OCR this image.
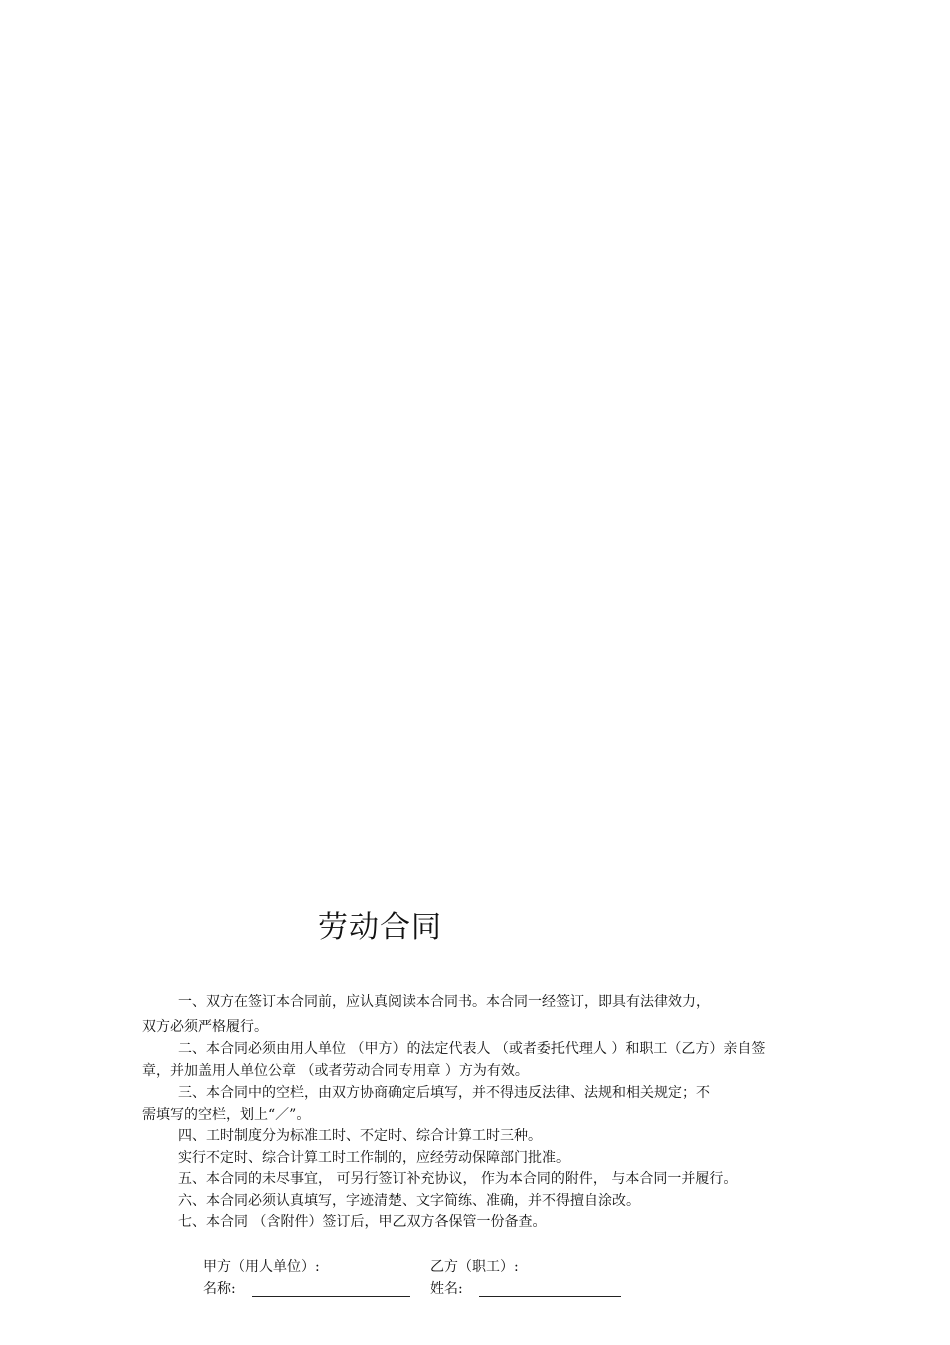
劳动合同
一、双方在签订本合同前，应认真阅读本合同书。本合同一经签订，即具有法律效力，
双方必须严格履行。
二、本合同必须由用人单位 （甲方）的法定代表人 （或者委托代理人 ）和职工（乙方）亲自签
章，并加盖用人单位公章 （或者劳动合同专用章 ）方为有效。
三、本合同中的空栏，由双方协商确定后填写，并不得违反法律、法规和相关规定；不
需填写的空栏，划上“／”。
四、工时制度分为标准工时、不定时、综合计算工时三种。
实行不定时、综合计算工时工作制的，应经劳动保障部门批准。
五、本合同的未尽事宜， 可另行签订补充协议， 作为本合同的附件， 与本合同一并履行。
六、本合同必须认真填写，字迹清楚、文字简练、准确，并不得擅自涂改。
七、本合同 （含附件）签订后，甲乙双方各保管一份备查。
甲方（用人单位）:	乙方（职工）:
名称:	姓名:
